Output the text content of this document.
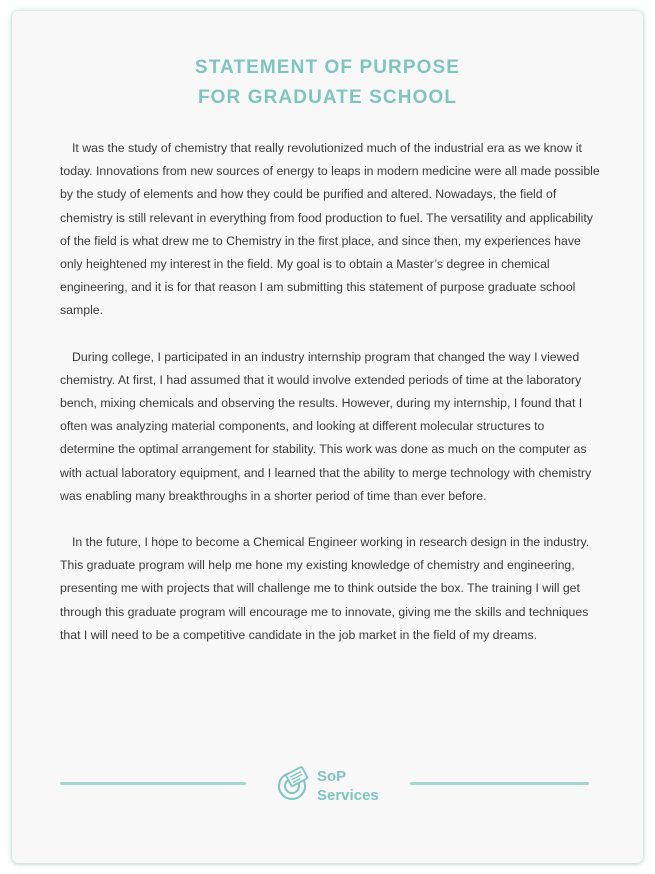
STATEMENT OF PURPOSE
FOR GRADUATE SCHOOL

It was the study of chemistry that really revolutionized much of the industrial era as we know it today. Innovations from new sources of energy to leaps in modern medicine were all made possible by the study of elements and how they could be purified and altered. Nowadays, the field of chemistry is still relevant in everything from food production to fuel. The versatility and applicability of the field is what drew me to Chemistry in the first place, and since then, my experiences have only heightened my interest in the field. My goal is to obtain a Master’s degree in chemical engineering, and it is for that reason I am submitting this statement of purpose graduate school sample.

During college, I participated in an industry internship program that changed the way I viewed chemistry. At first, I had assumed that it would involve extended periods of time at the laboratory bench, mixing chemicals and observing the results. However, during my internship, I found that I often was analyzing material components, and looking at different molecular structures to determine the optimal arrangement for stability. This work was done as much on the computer as with actual laboratory equipment, and I learned that the ability to merge technology with chemistry was enabling many breakthroughs in a shorter period of time than ever before.

In the future, I hope to become a Chemical Engineer working in research design in the industry. This graduate program will help me hone my existing knowledge of chemistry and engineering, presenting me with projects that will challenge me to think outside the box. The training I will get through this graduate program will encourage me to innovate, giving me the skills and techniques that I will need to be a competitive candidate in the job market in the field of my dreams.

SoP
Services
